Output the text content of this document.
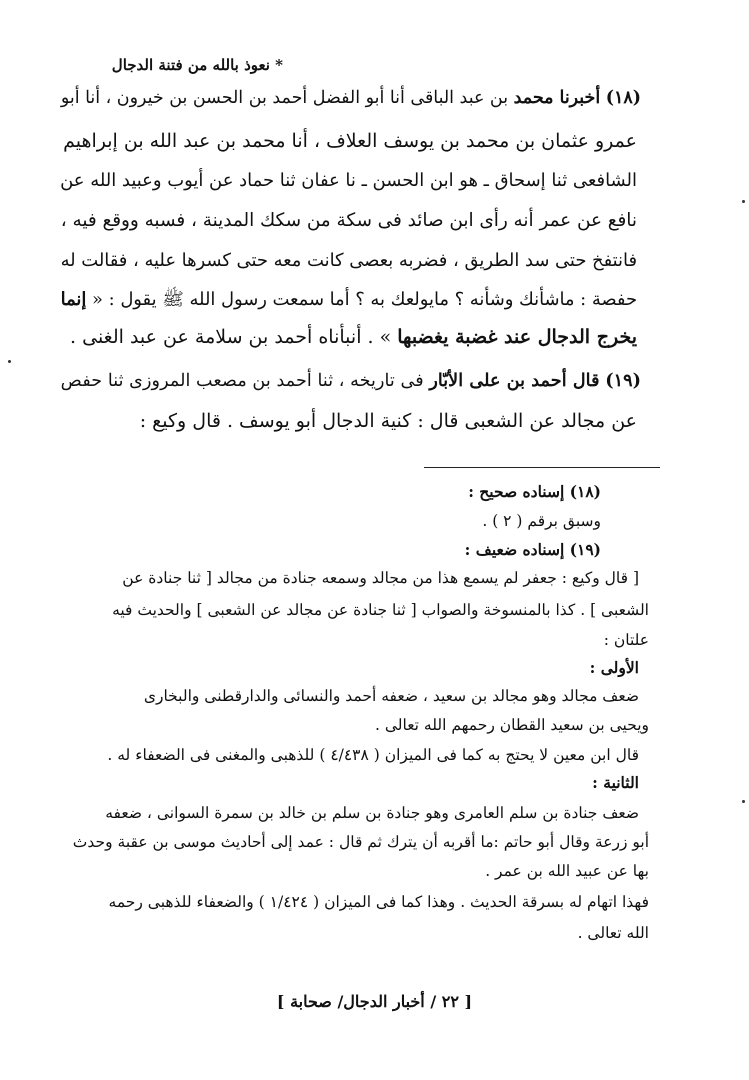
* نعوذ بالله من فتنة الدجال
(١٨) أخبرنا محمد بن عبد الباقى أنا أبو الفضل أحمد بن الحسن بن خيرون ، أنا أبو
عمرو عثمان بن محمد بن يوسف العلاف ، أنا محمد بن عبد الله بن إبراهيم
الشافعى ثنا إسحاق ـ هو ابن الحسن ـ نا عفان ثنا حماد عن أيوب وعبيد الله عن
نافع عن عمر أنه رأى ابن صائد فى سكة من سكك المدينة ، فسبه ووقع فيه ،
فانتفخ حتى سد الطريق ، فضربه بعصى كانت معه حتى كسرها عليه ، فقالت له
حفصة : ماشأنك وشأنه ؟ مايولعك به ؟ أما سمعت رسول الله ﷺ يقول : « إنما
يخرج الدجال عند غضبة يغضبها » . أنبأناه أحمد بن سلامة عن عبد الغنى .
(١٩) قال أحمد بن على الأبّار فى تاريخه ، ثنا أحمد بن مصعب المروزى ثنا حفص
عن مجالد عن الشعبى قال : كنية الدجال أبو يوسف . قال وكيع :
(١٨) إسناده صحيح :
وسبق برقم ( ٢ ) .
(١٩) إسناده ضعيف :
[ قال وكيع : جعفر لم يسمع هذا من مجالد وسمعه جنادة من مجالد [ ثنا جنادة عن
الشعبى ] . كذا بالمنسوخة والصواب [ ثنا جنادة عن مجالد عن الشعبى ] والحديث فيه
علتان :
الأولى :
ضعف مجالد وهو مجالد بن سعيد ، ضعفه أحمد والنسائى والدارقطنى والبخارى
ويحيى بن سعيد القطان رحمهم الله تعالى .
قال ابن معين لا يحتج به كما فى الميزان ( ٤/٤٣٨ ) للذهبى والمغنى فى الضعفاء له .
الثانية :
ضعف جنادة بن سلم العامرى وهو جنادة بن سلم بن خالد بن سمرة السوانى ، ضعفه
أبو زرعة وقال أبو حاتم :ما أقربه أن يترك ثم قال : عمد إلى أحاديث موسى بن عقبة وحدث
بها عن عبيد الله بن عمر .
فهذا اتهام له بسرقة الحديث . وهذا كما فى الميزان ( ١/٤٢٤ ) والضعفاء للذهبى رحمه
الله تعالى .
[ ٢٢ / أخبار الدجال/ صحابة ]
